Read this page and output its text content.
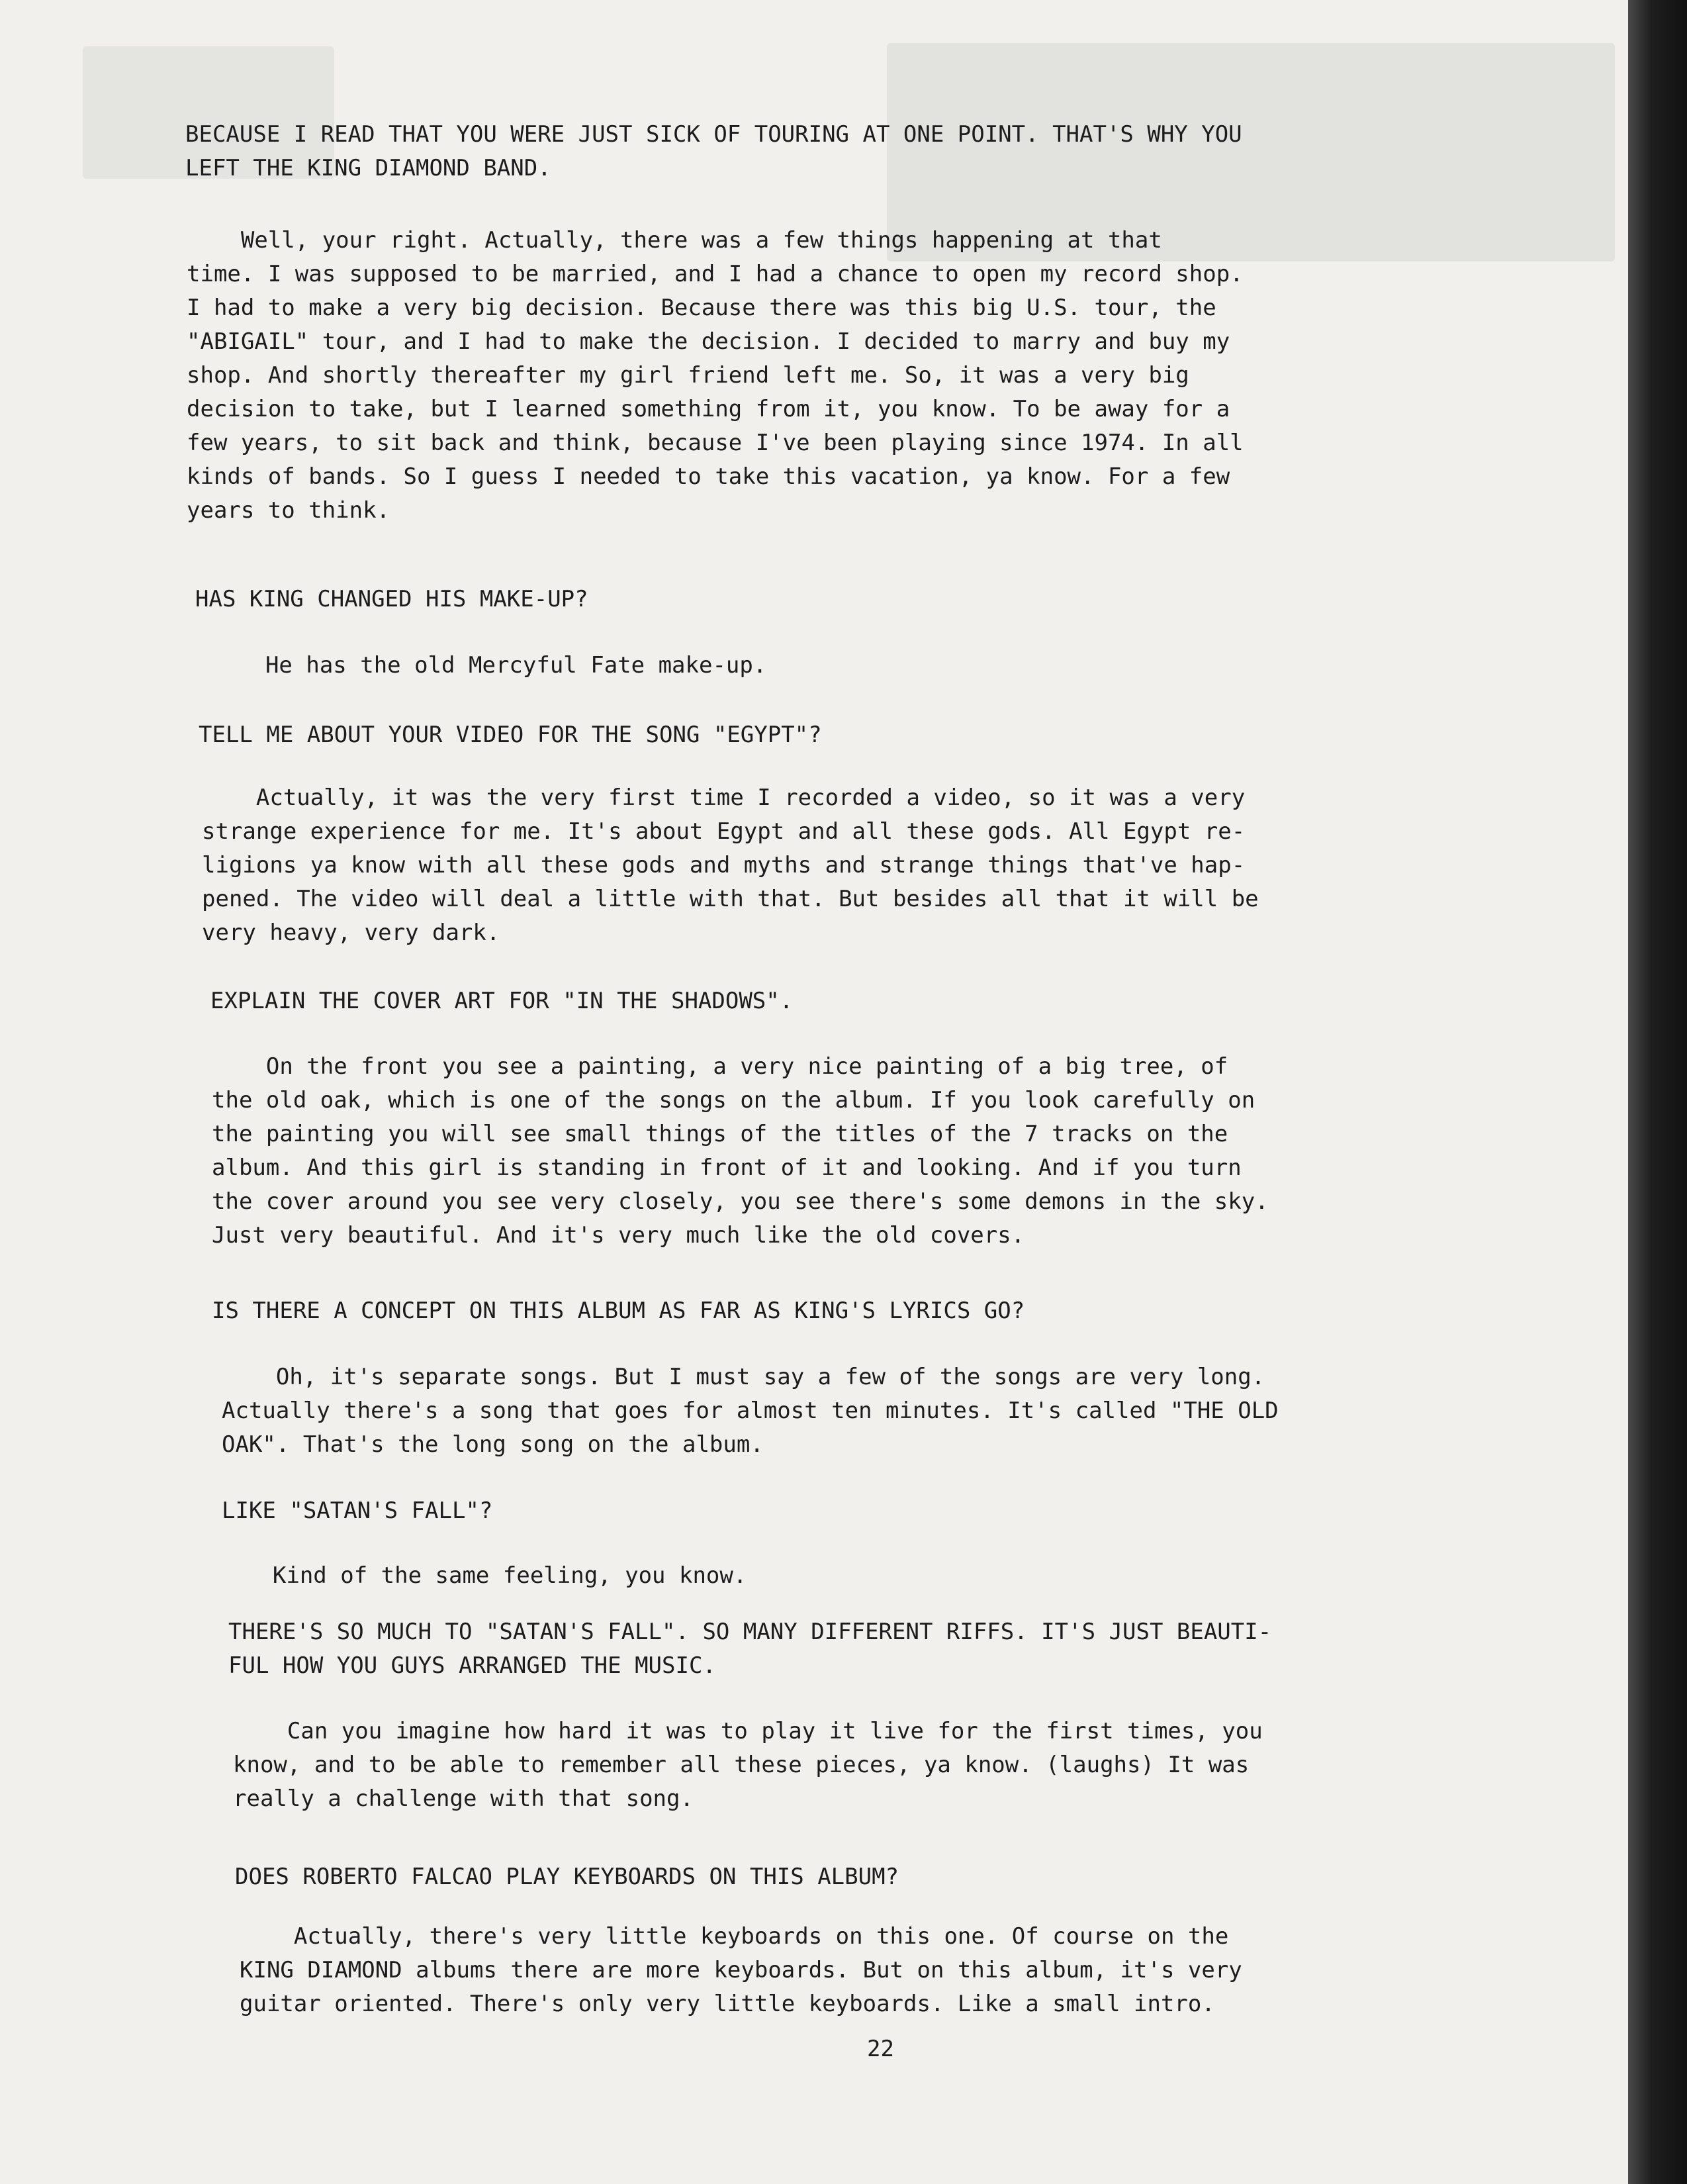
BECAUSE I READ THAT YOU WERE JUST SICK OF TOURING AT ONE POINT. THAT'S WHY YOU
LEFT THE KING DIAMOND BAND.

Well, your right. Actually, there was a few things happening at that
time. I was supposed to be married, and I had a chance to open my record shop.
I had to make a very big decision. Because there was this big U.S. tour, the
"ABIGAIL" tour, and I had to make the decision. I decided to marry and buy my
shop. And shortly thereafter my girl friend left me. So, it was a very big
decision to take, but I learned something from it, you know. To be away for a
few years, to sit back and think, because I've been playing since 1974. In all
kinds of bands. So I guess I needed to take this vacation, ya know. For a few
years to think.

HAS KING CHANGED HIS MAKE-UP?

He has the old Mercyful Fate make-up.

TELL ME ABOUT YOUR VIDEO FOR THE SONG "EGYPT"?

Actually, it was the very first time I recorded a video, so it was a very
strange experience for me. It's about Egypt and all these gods. All Egypt re-
ligions ya know with all these gods and myths and strange things that've hap-
pened. The video will deal a little with that. But besides all that it will be
very heavy, very dark.

EXPLAIN THE COVER ART FOR "IN THE SHADOWS".

On the front you see a painting, a very nice painting of a big tree, of
the old oak, which is one of the songs on the album. If you look carefully on
the painting you will see small things of the titles of the 7 tracks on the
album. And this girl is standing in front of it and looking. And if you turn
the cover around you see very closely, you see there's some demons in the sky.
Just very beautiful. And it's very much like the old covers.

IS THERE A CONCEPT ON THIS ALBUM AS FAR AS KING'S LYRICS GO?

Oh, it's separate songs. But I must say a few of the songs are very long.
Actually there's a song that goes for almost ten minutes. It's called "THE OLD
OAK". That's the long song on the album.

LIKE "SATAN'S FALL"?

Kind of the same feeling, you know.

THERE'S SO MUCH TO "SATAN'S FALL". SO MANY DIFFERENT RIFFS. IT'S JUST BEAUTI-
FUL HOW YOU GUYS ARRANGED THE MUSIC.

Can you imagine how hard it was to play it live for the first times, you
know, and to be able to remember all these pieces, ya know. (laughs) It was
really a challenge with that song.

DOES ROBERTO FALCAO PLAY KEYBOARDS ON THIS ALBUM?

Actually, there's very little keyboards on this one. Of course on the
KING DIAMOND albums there are more keyboards. But on this album, it's very
guitar oriented. There's only very little keyboards. Like a small intro.

22
